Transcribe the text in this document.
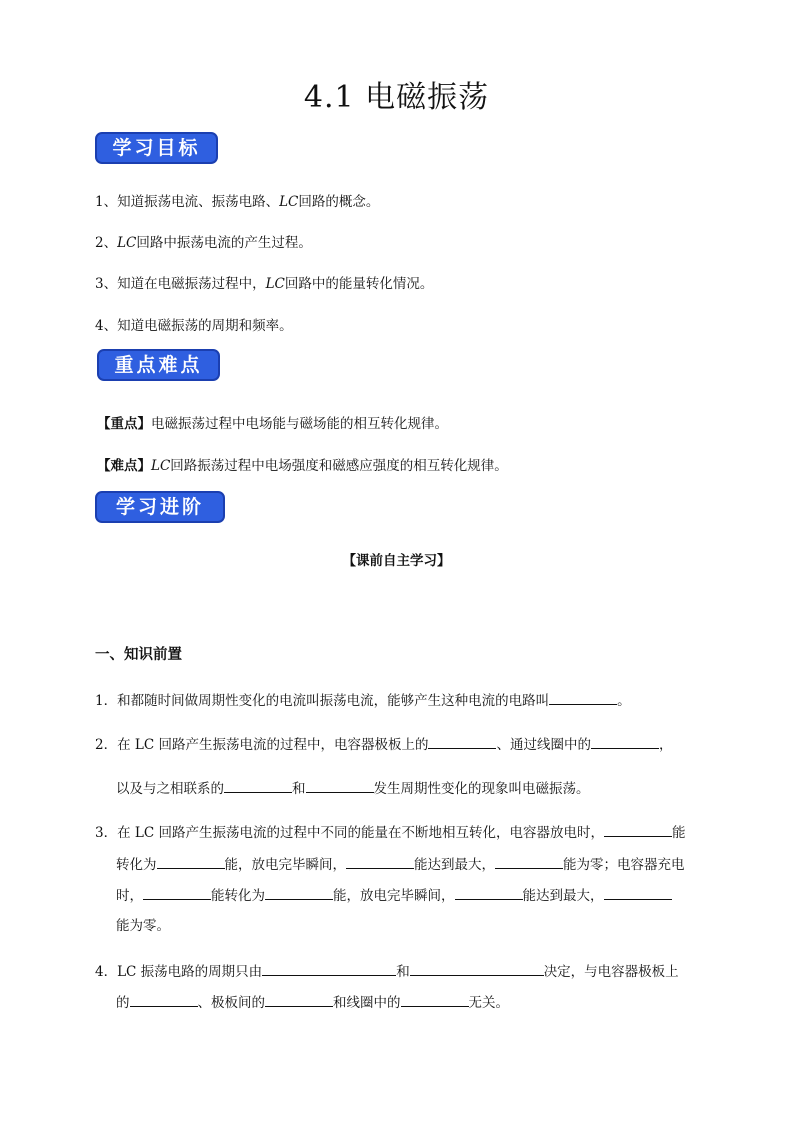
4.1 电磁振荡
学习目标
1、知道振荡电流、振荡电路、LC回路的概念。
2、LC回路中振荡电流的产生过程。
3、知道在电磁振荡过程中，LC回路中的能量转化情况。
4、知道电磁振荡的周期和频率。
重点难点
【重点】电磁振荡过程中电场能与磁场能的相互转化规律。
【难点】LC回路振荡过程中电场强度和磁感应强度的相互转化规律。
学习进阶
【课前自主学习】
一、知识前置
1．和都随时间做周期性变化的电流叫振荡电流，能够产生这种电流的电路叫	。
2．在 LC 回路产生振荡电流的过程中，电容器极板上的	、通过线圈中的	，
以及与之相联系的	和	发生周期性变化的现象叫电磁振荡。
3．在 LC 回路产生振荡电流的过程中不同的能量在不断地相互转化，电容器放电时，	能
转化为	能，放电完毕瞬间，	能达到最大，	能为零；电容器充电
时，	能转化为	能，放电完毕瞬间，	能达到最大，
能为零。
4．LC 振荡电路的周期只由	和	决定，与电容器极板上
的	、极板间的	和线圈中的	无关。
